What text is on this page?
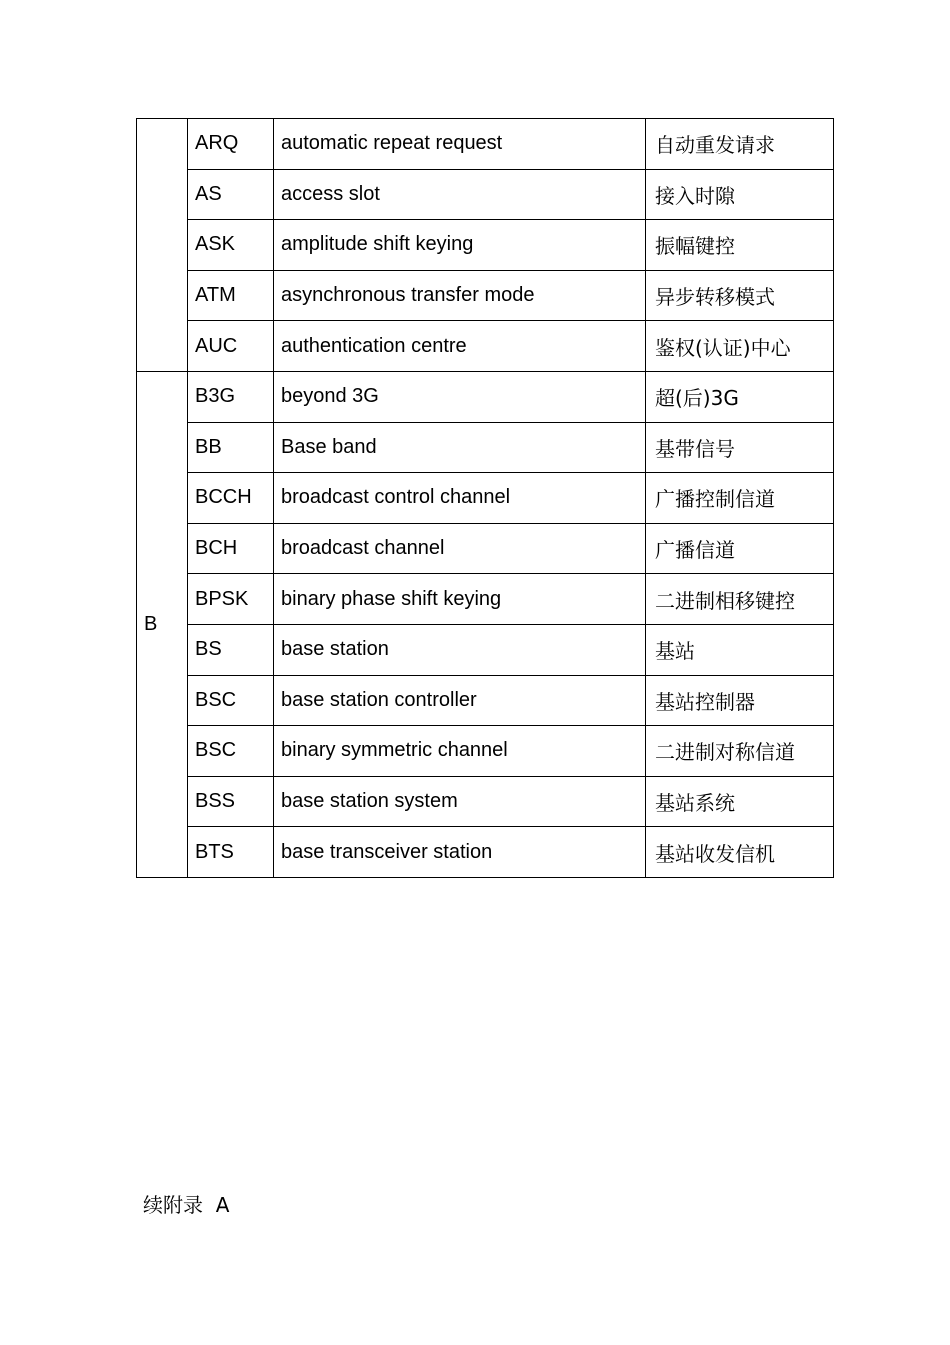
	ARQ	automatic repeat request	自动重发请求
	AS	access slot	接入时隙
	ASK	amplitude shift keying	振幅键控
	ATM	asynchronous transfer mode	异步转移模式
	AUC	authentication centre	鉴权(认证)中心
B	B3G	beyond 3G	超(后)3G
	BB	Base band	基带信号
	BCCH	broadcast control channel	广播控制信道
	BCH	broadcast channel	广播信道
	BPSK	binary phase shift keying	二进制相移键控
	BS	base station	基站
	BSC	base station controller	基站控制器
	BSC	binary symmetric channel	二进制对称信道
	BSS	base station system	基站系统
	BTS	base transceiver station	基站收发信机
续附录  A
